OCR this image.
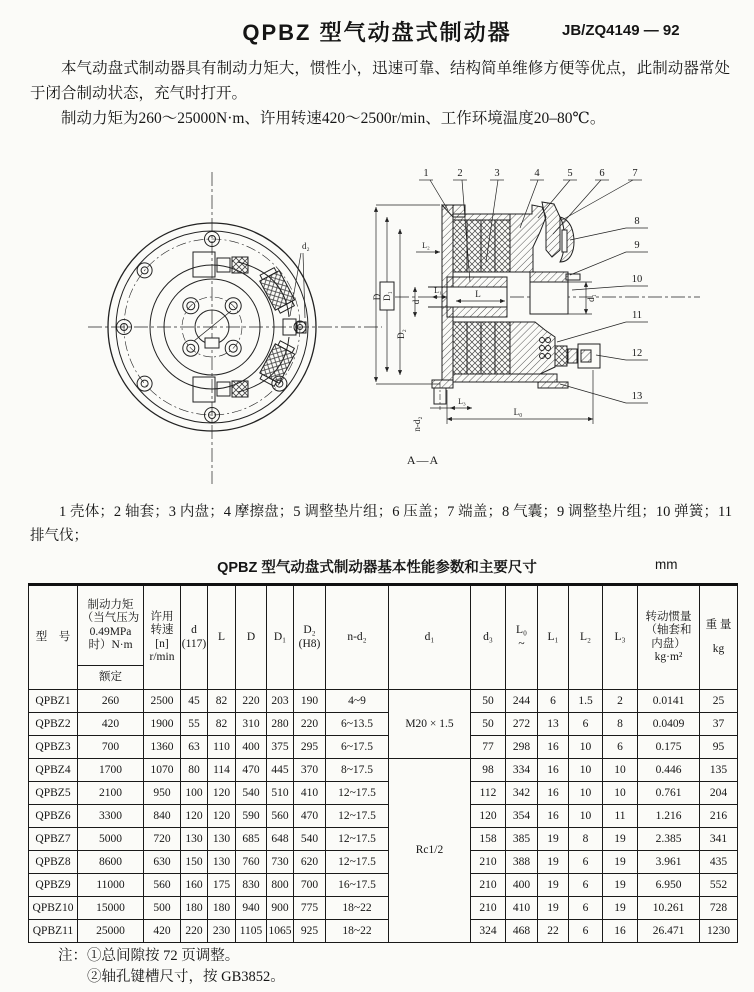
QPBZ 型气动盘式制动器	JB/ZQ4149 — 92

本气动盘式制动器具有制动力矩大，惯性小，迅速可靠、结构简单维修方便等优点，此制动器常处于闭合制动状态，充气时打开。

制动力矩为260～25000N·m、许用转速420～2500r/min、工作环境温度20–80℃。

d₂
1	2	3	4	5	6	7
8
9
10
11
12
13
D D₁
D₂
d
d₁
L
L₀
L₁
L₂
L₃
n-d₂
A—A

1 壳体；2 轴套；3 内盘；4 摩擦盘；5 调整垫片组；6 压盖；7 端盖；8 气囊；9 调整垫片组；10 弹簧；11 排气伐；

QPBZ 型气动盘式制动器基本性能参数和主要尺寸	mm
型　号	
制动力矩
（当气压为
0.49MPa
时）N·m
额定

许用
转速
[n]
r/min

d
(117)
	L	D	D₁	
D₂
(H8)
	n-d₂	d₁	d₃	
L₀
~
	L₁	L₂	L₃	
转动惯量
（轴套和
内盘）
kg·m²

重 量
kg

QPBZ1	260	2500	45	82	220	203	190	4~9	M20 × 1.5	50	244	6	1.5	2	0.0141	25
QPBZ2	420	1900	55	82	310	280	220	6~13.5		50	272	13	6	8	0.0409	37
QPBZ3	700	1360	63	110	400	375	295	6~17.5		77	298	16	10	6	0.175	95
QPBZ4	1700	1070	80	114	470	445	370	8~17.5	Rc1/2	98	334	16	10	10	0.446	135
QPBZ5	2100	950	100	120	540	510	410	12~17.5		112	342	16	10	10	0.761	204
QPBZ6	3300	840	120	120	590	560	470	12~17.5		120	354	16	10	11	1.216	216
QPBZ7	5000	720	130	130	685	648	540	12~17.5		158	385	19	8	19	2.385	341
QPBZ8	8600	630	150	130	760	730	620	12~17.5		210	388	19	6	19	3.961	435
QPBZ9	11000	560	160	175	830	800	700	16~17.5		210	400	19	6	19	6.950	552
QPBZ10	15000	500	180	180	940	900	775	18~22		210	410	19	6	19	10.261	728
QPBZ11	25000	420	220	230	1105	1065	925	18~22		324	468	22	6	16	26.471	1230

注：①总间隙按 72 页调整。

②轴孔键槽尺寸，按 GB3852。
